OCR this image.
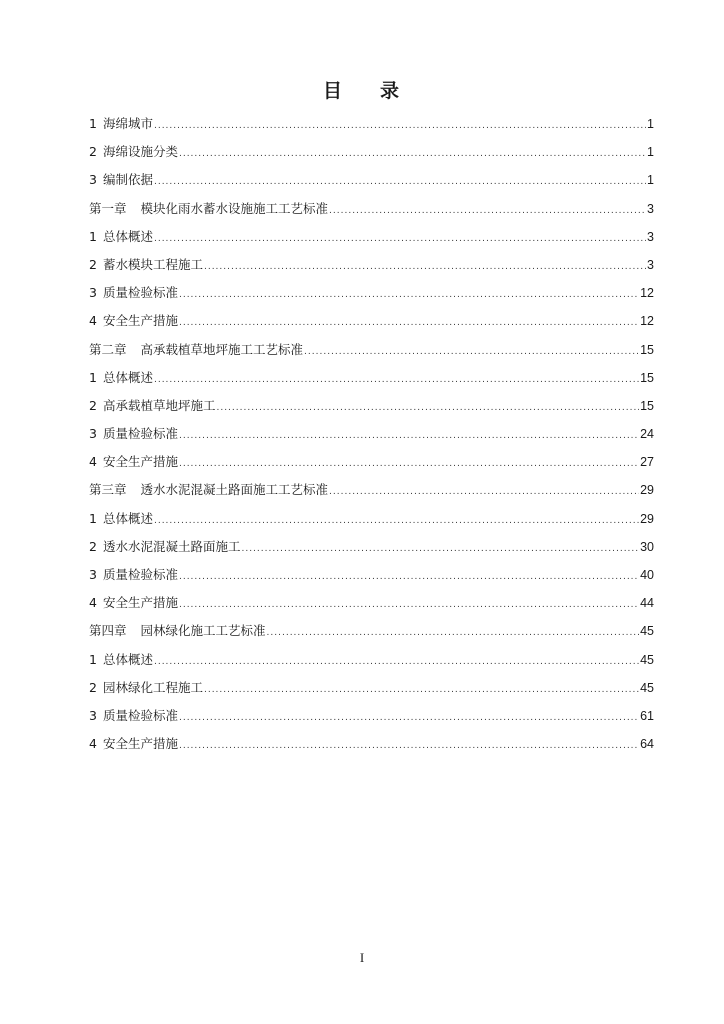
目 录
1 海绵城市 .....	1
2 海绵设施分类 .....	1
3 编制依据 .....	1
第一章 模块化雨水蓄水设施施工工艺标准 .....	3
1 总体概述 .....	3
2 蓄水模块工程施工 .....	3
3 质量检验标准 .....	12
4 安全生产措施 .....	12
第二章 高承载植草地坪施工工艺标准 .....	15
1 总体概述 .....	15
2 高承载植草地坪施工 .....	15
3 质量检验标准 .....	24
4 安全生产措施 .....	27
第三章 透水水泥混凝土路面施工工艺标准 .....	29
1 总体概述 .....	29
2 透水水泥混凝土路面施工 .....	30
3 质量检验标准 .....	40
4 安全生产措施 .....	44
第四章 园林绿化施工工艺标准 .....	45
1 总体概述 .....	45
2 园林绿化工程施工 .....	45
3 质量检验标准 .....	61
4 安全生产措施 .....	64
I
